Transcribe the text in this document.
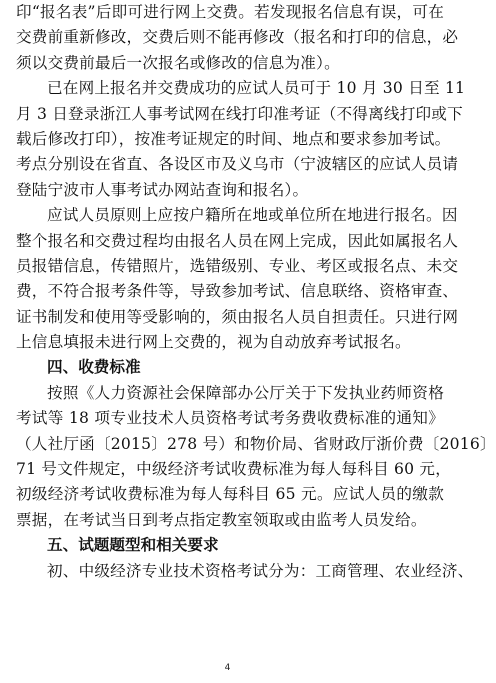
印“报名表”后即可进行网上交费。若发现报名信息有误，可在
交费前重新修改，交费后则不能再修改（报名和打印的信息，必
须以交费前最后一次报名或修改的信息为准）。
已在网上报名并交费成功的应试人员可于 10 月 30 日至 11
月 3 日登录浙江人事考试网在线打印准考证（不得离线打印或下
载后修改打印），按准考证规定的时间、地点和要求参加考试。
考点分别设在省直、各设区市及义乌市（宁波辖区的应试人员请
登陆宁波市人事考试办网站查询和报名）。
应试人员原则上应按户籍所在地或单位所在地进行报名。因
整个报名和交费过程均由报名人员在网上完成，因此如属报名人
员报错信息，传错照片，选错级别、专业、考区或报名点、未交
费，不符合报考条件等，导致参加考试、信息联络、资格审查、
证书制发和使用等受影响的，须由报名人员自担责任。只进行网
上信息填报未进行网上交费的，视为自动放弃考试报名。
四、收费标准
按照《人力资源社会保障部办公厅关于下发执业药师资格
考试等 18 项专业技术人员资格考试考务费收费标准的通知》
（人社厅函〔2015〕278 号）和物价局、省财政厅浙价费〔2016〕
71 号文件规定，中级经济考试收费标准为每人每科目 60 元，
初级经济考试收费标准为每人每科目 65 元。应试人员的缴款
票据，在考试当日到考点指定教室领取或由监考人员发给。
五、试题题型和相关要求
初、中级经济专业技术资格考试分为：工商管理、农业经济、
4
